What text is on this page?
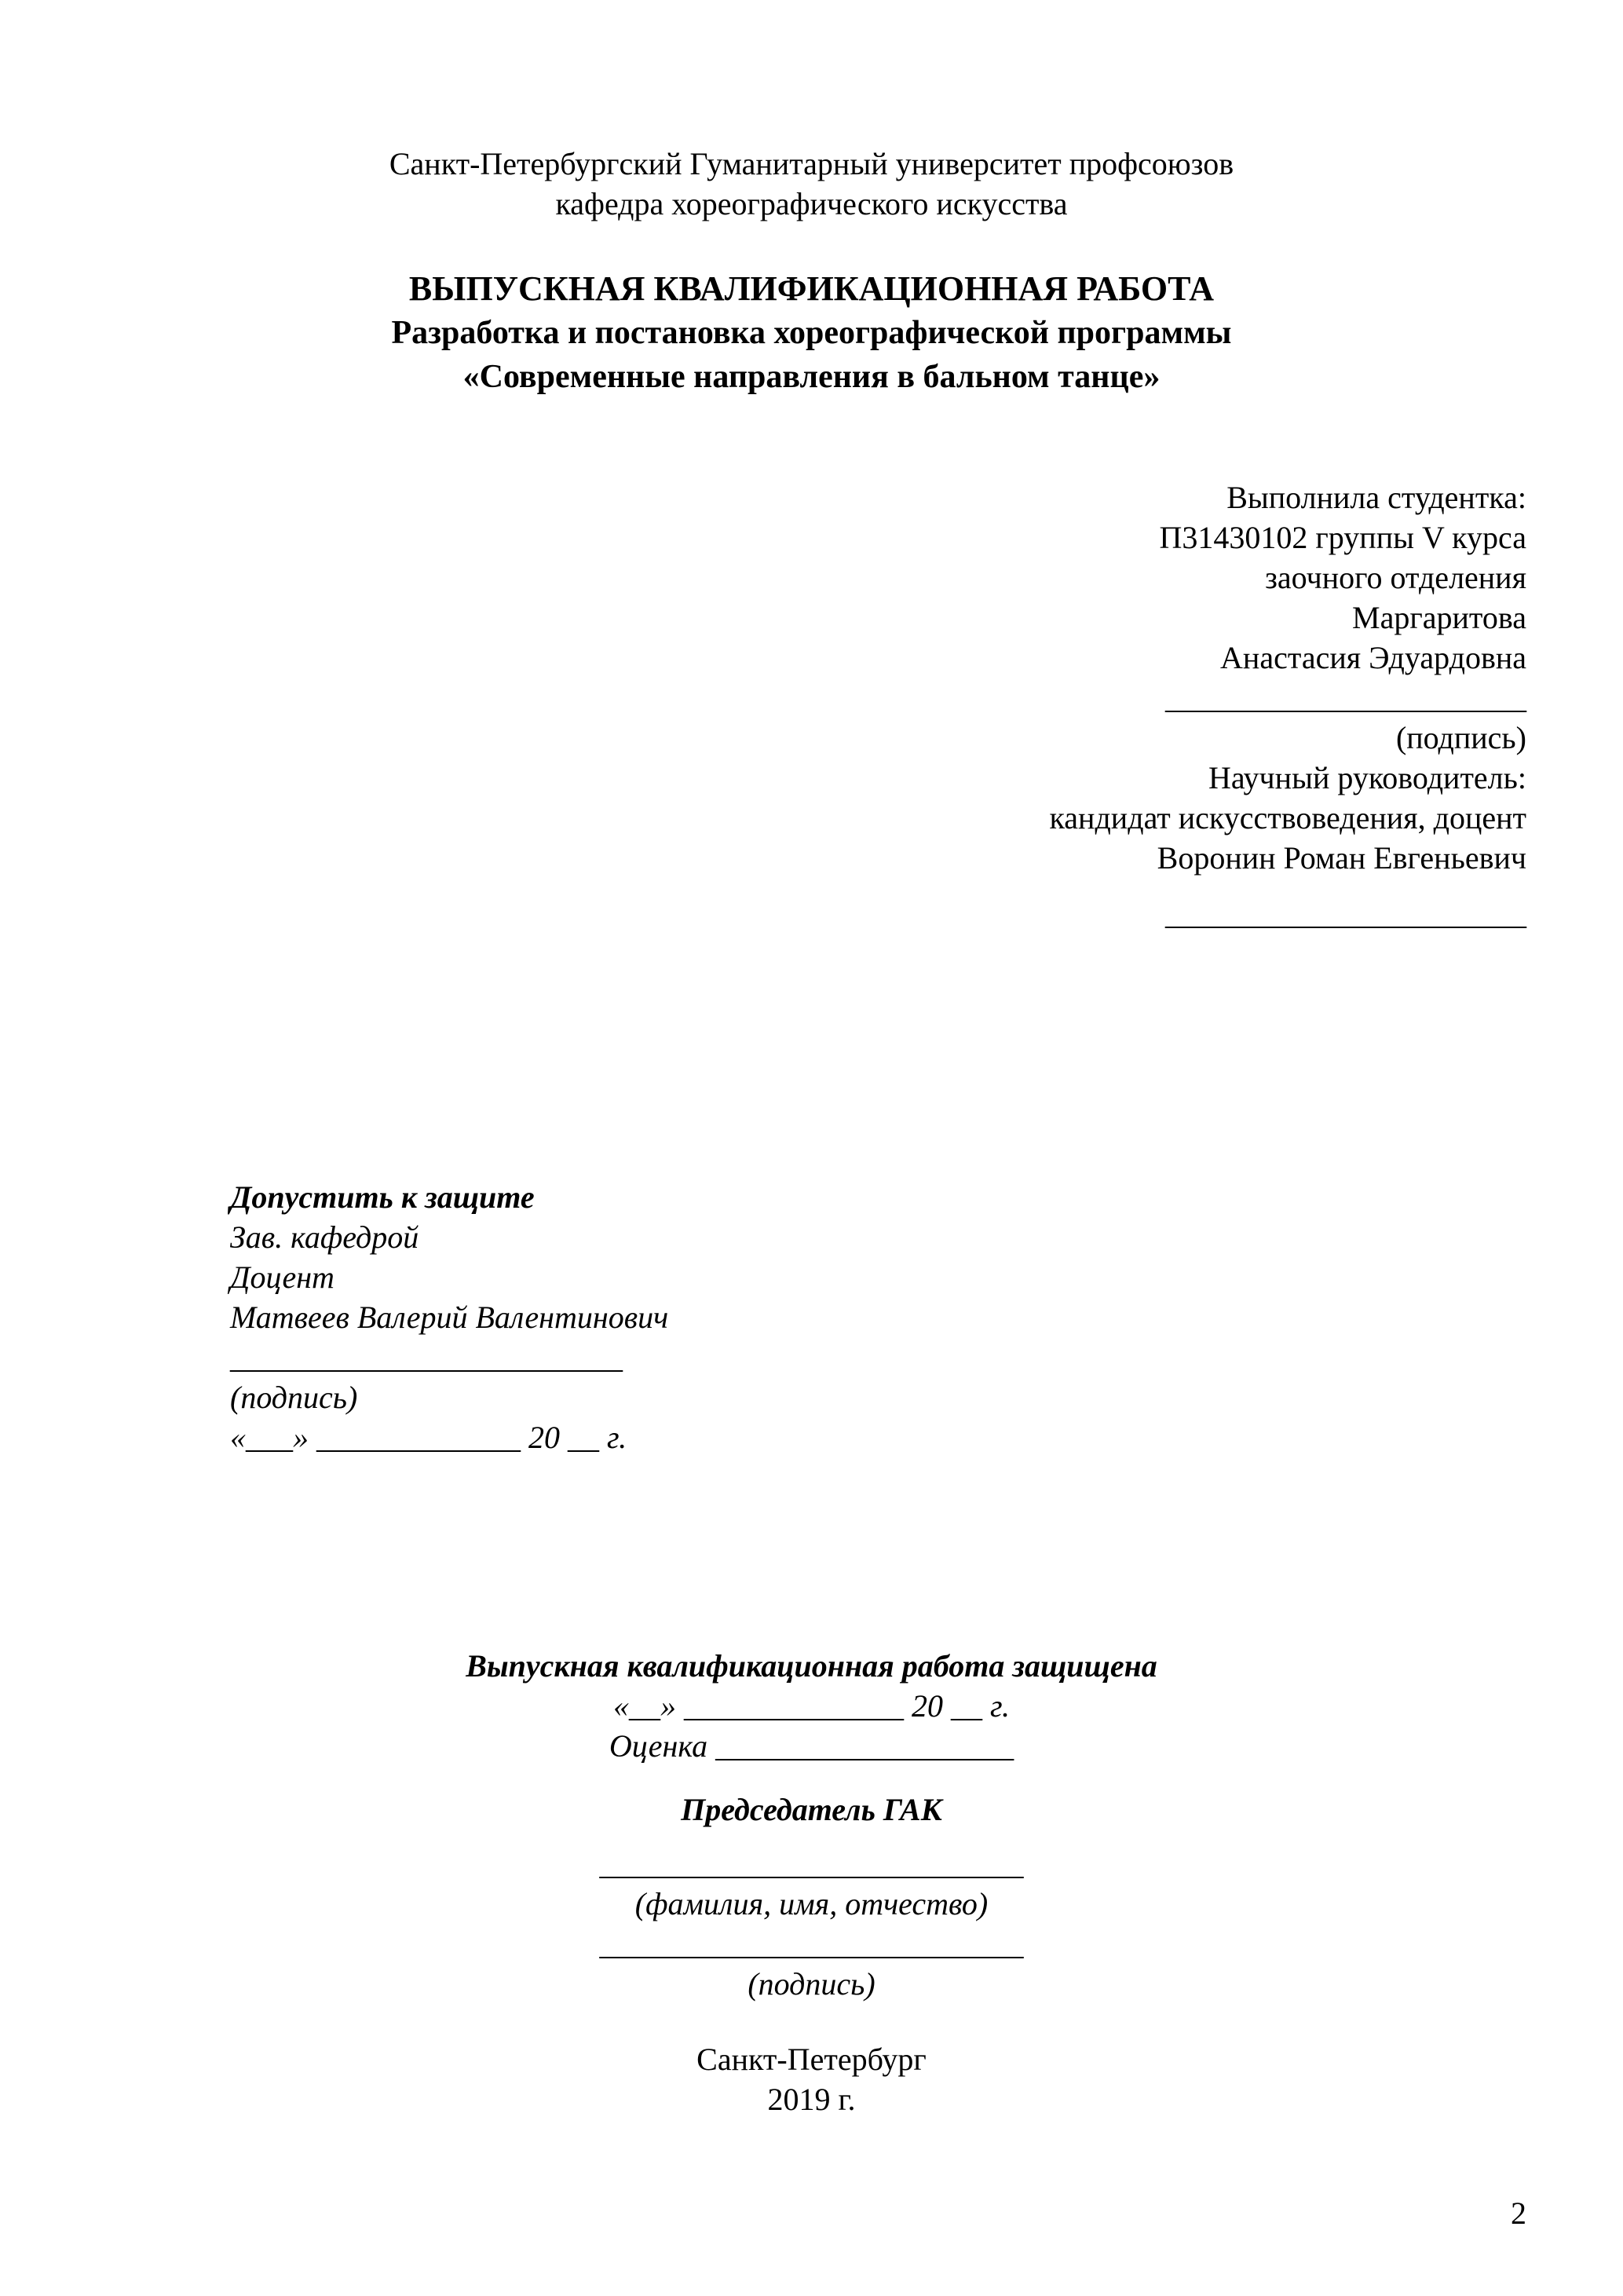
Санкт-Петербургский Гуманитарный университет профсоюзов
кафедра хореографического искусства
ВЫПУСКНАЯ КВАЛИФИКАЦИОННАЯ РАБОТА
Разработка и постановка хореографической программы
«Современные направления в бальном танце»
Выполнила студентка:
П31430102 группы V курса
заочного отделения
Маргаритова
Анастасия Эдуардовна
_______________________
(подпись)
Научный руководитель:
кандидат искусствоведения, доцент
Воронин Роман Евгеньевич
_______________________
Допустить к защите
Зав. кафедрой
Доцент
Матвеев Валерий Валентинович
_________________________
(подпись)
«___» _____________ 20 __ г.
Выпускная квалификационная работа защищена
«__» ______________ 20 __ г.
Оценка ___________________
Председатель ГАК
___________________________
(фамилия, имя, отчество)
___________________________
(подпись)
Санкт-Петербург
2019 г.
2
